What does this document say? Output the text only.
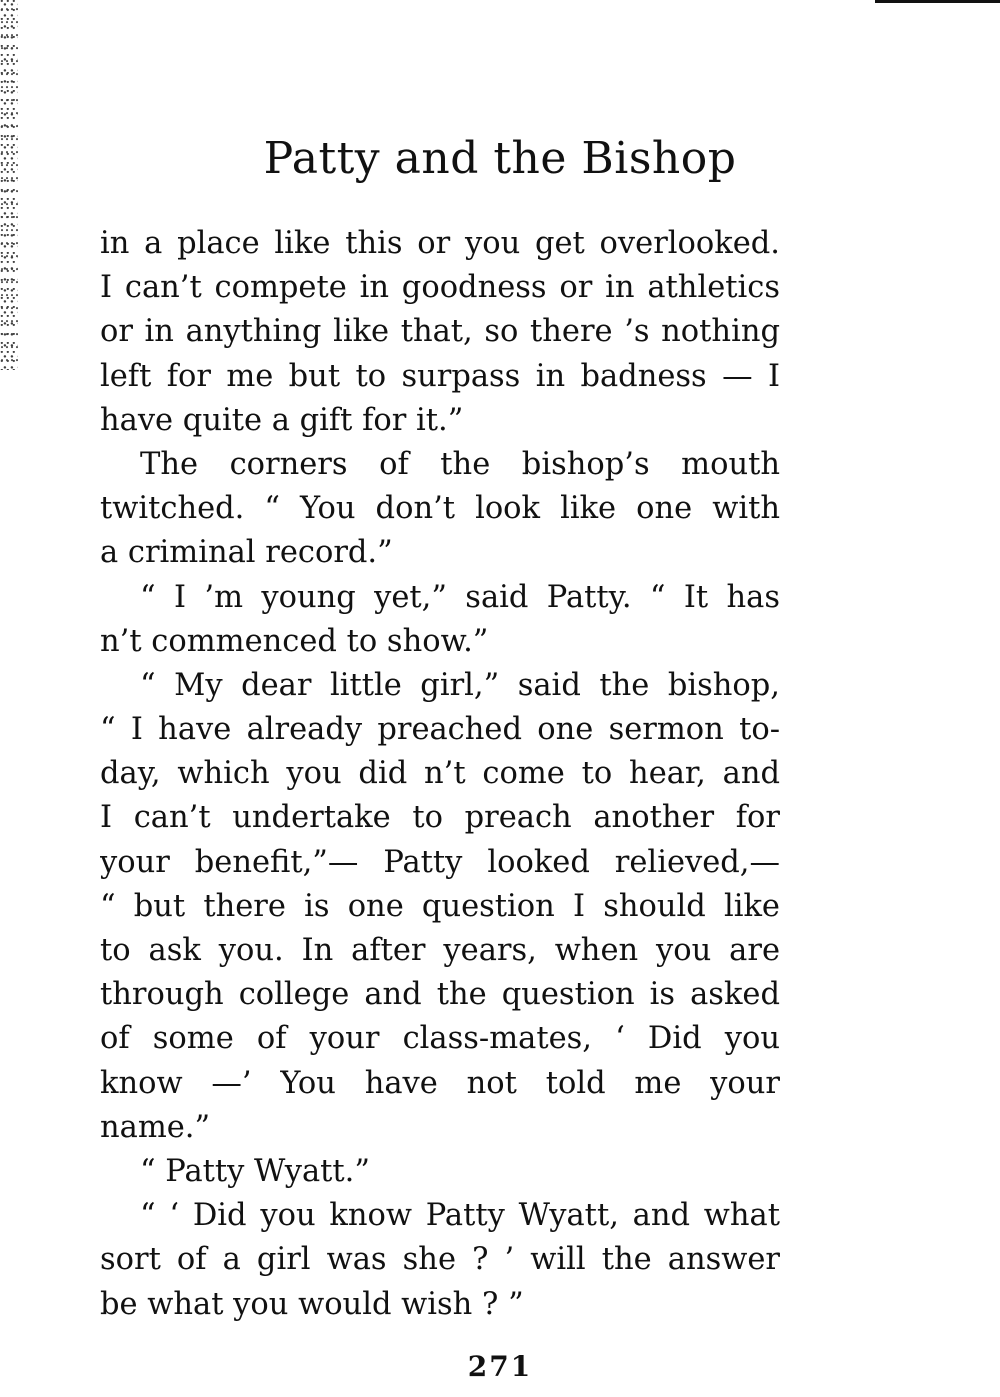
Patty and the Bishop
in a place like this or you get overlooked.
I can’t compete in goodness or in athletics
or in anything like that, so there ’s nothing
left for me but to surpass in badness — I
have quite a gift for it.”
The corners of the bishop’s mouth
twitched. “ You don’t look like one with
a criminal record.”
“ I ’m young yet,” said Patty. “ It has
n’t commenced to show.”
“ My dear little girl,” said the bishop,
“ I have already preached one sermon to-
day, which you did n’t come to hear, and
I can’t undertake to preach another for
your benefit,”— Patty looked relieved,—
“ but there is one question I should like
to ask you. In after years, when you are
through college and the question is asked
of some of your class-mates, ‘ Did you
know —’ You have not told me your
name.”
“ Patty Wyatt.”
“ ‘ Did you know Patty Wyatt, and what
sort of a girl was she ? ’ will the answer
be what you would wish ? ”
271
